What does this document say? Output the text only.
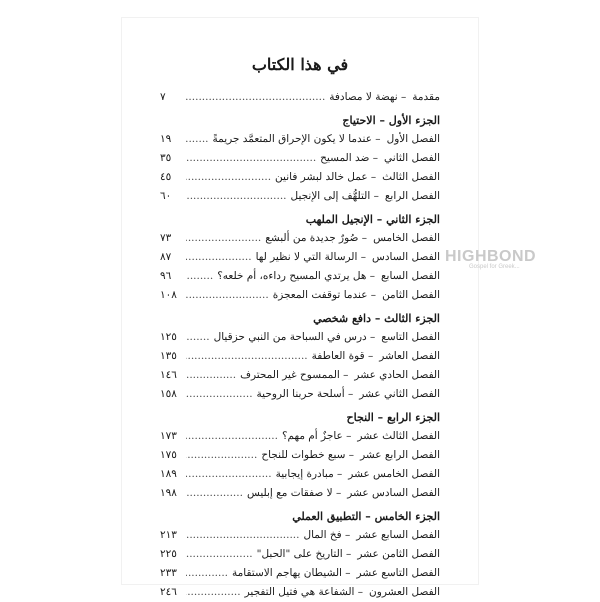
في هذا الكتاب
مقدمة
– نهضة لا مصادفة
.....
٧
الجزء الأول – الاحتياج
الفصل الأول
– عندما لا يكون الإحراق المتعمَّد جريمةً
.....
١٩
الفصل الثاني
– ضد المسيح
.....
٣٥
الفصل الثالث
– عمل خالد لبشر فانين
.....
٤٥
الفصل الرابع
– التلهُّف إلى الإنجيل
.....
٦٠
الجزء الثاني – الإنجيل الملهب
الفصل الخامس
– صُورٌ جديدة من ألبشع
.....
٧٣
الفصل السادس
– الرسالة التي لا نظير لها
.....
٨٧
الفصل السابع
– هل يرتدي المسيح رداءه، أم خلعه؟
.....
٩٦
الفصل الثامن
– عندما توقفت المعجزة
.....
١٠٨
الجزء الثالث – دافع شخصي
الفصل التاسع
– درس في السباحة من النبي حزقيال
.....
١٢٥
الفصل العاشر
– قوة العاطفة
.....
١٣٥
الفصل الحادي عشر
– الممسوح غير المحترف
.....
١٤٦
الفصل الثاني عشر
– أسلحة حربنا الروحية
.....
١٥٨
الجزء الرابع – النجاح
الفصل الثالث عشر
– عاجزٌ أم مهم؟
.....
١٧٣
الفصل الرابع عشر
– سبع خطوات للنجاح
.....
١٧٥
الفصل الخامس عشر
– مبادرة إيجابية
.....
١٨٩
الفصل السادس عشر
– لا صفقات مع إبليس
.....
١٩٨
الجزء الخامس – التطبيق العملي
الفصل السابع عشر
– فخ المال
.....
٢١٣
الفصل الثامن عشر
– التاريخ على "الحبل"
.....
٢٢٥
الفصل التاسع عشر
– الشيطان يهاجم الاستقامة
.....
٢٣٣
الفصل العشرون
– الشفاعة هي فتيل التفجير
.....
٢٤٦
HIGHBOND
Gospel for Greek...
